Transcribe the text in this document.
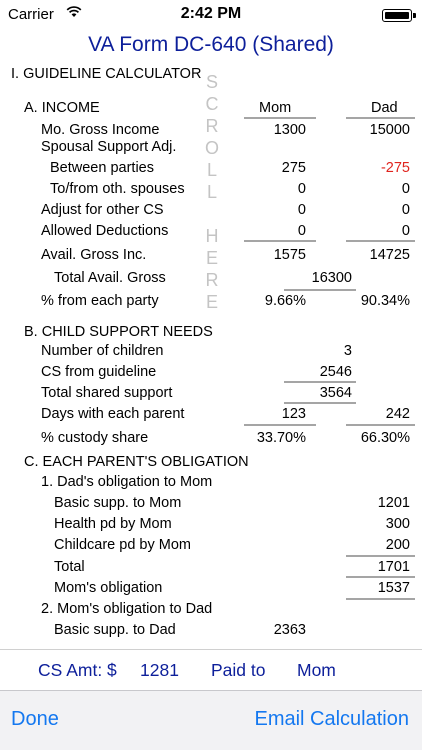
Carrier	2:42 PM
VA Form DC-640 (Shared)
I. GUIDELINE CALCULATOR S
C
R
O
L
L
H
E
R
E
A. INCOME	Mom	Dad
Mo. Gross Income	1300	15000
Spousal Support Adj.
Between parties	275	-275
To/from oth. spouses	0	0
Adjust for other CS	0	0
Allowed Deductions	0	0
Avail. Gross Inc.	1575	14725
Total Avail. Gross	16300
% from each party	9.66%	90.34%
B. CHILD SUPPORT NEEDS
Number of children	3
CS from guideline	2546
Total shared support	3564
Days with each parent	123	242
% custody share	33.70%	66.30%
C. EACH PARENT'S OBLIGATION
1. Dad's obligation to Mom
Basic supp. to Mom	1201
Health pd by Mom	300
Childcare pd by Mom	200
Total	1701
Mom's obligation	1537
2. Mom's obligation to Dad
Basic supp. to Dad	2363
CS Amt: $ 1281 Paid to Mom
Done	Email Calculation
